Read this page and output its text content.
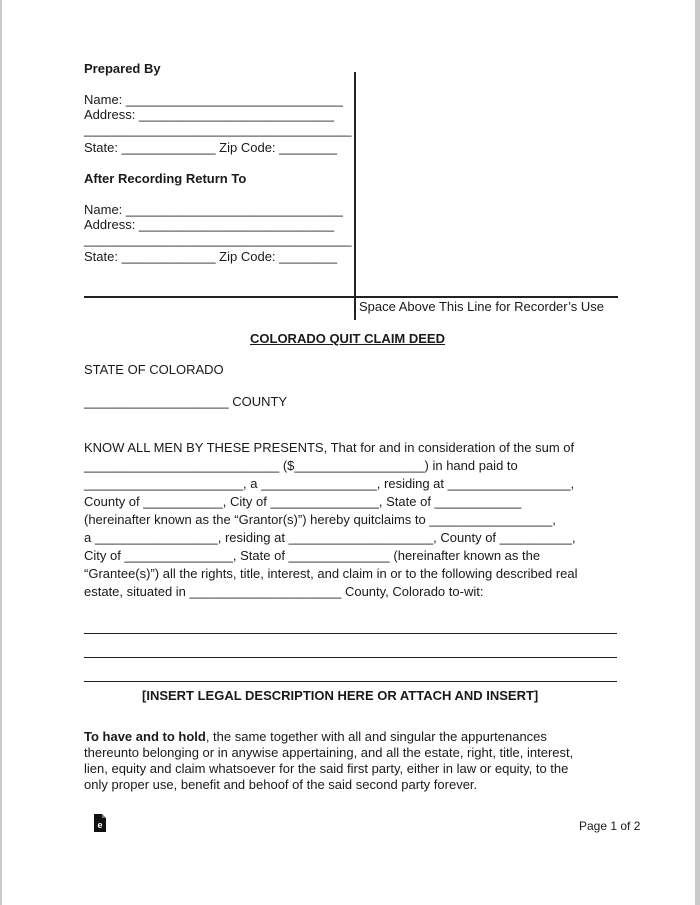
Prepared By
Name: ______________________________
Address: ___________________________
_____________________________________
State: _____________ Zip Code: ________
After Recording Return To
Name: ______________________________
Address: ___________________________
_____________________________________
State: _____________ Zip Code: ________
Space Above This Line for Recorder’s Use
COLORADO QUIT CLAIM DEED
STATE OF COLORADO
____________________ COUNTY
KNOW ALL MEN BY THESE PRESENTS, That for and in consideration of the sum of
___________________________ ($__________________) in hand paid to
______________________, a ________________, residing at _________________,
County of ___________, City of _______________, State of ____________
(hereinafter known as the “Grantor(s)”) hereby quitclaims to _________________,
a _________________, residing at ____________________, County of __________,
City of _______________, State of ______________ (hereinafter known as the
“Grantee(s)”) all the rights, title, interest, and claim in or to the following described real
estate, situated in _____________________ County, Colorado to-wit:
[INSERT LEGAL DESCRIPTION HERE OR ATTACH AND INSERT]
To have and to hold, the same together with all and singular the appurtenances
thereunto belonging or in anywise appertaining, and all the estate, right, title, interest,
lien, equity and claim whatsoever for the said first party, either in law or equity, to the
only proper use, benefit and behoof of the said second party forever.
e	Page 1 of 2
